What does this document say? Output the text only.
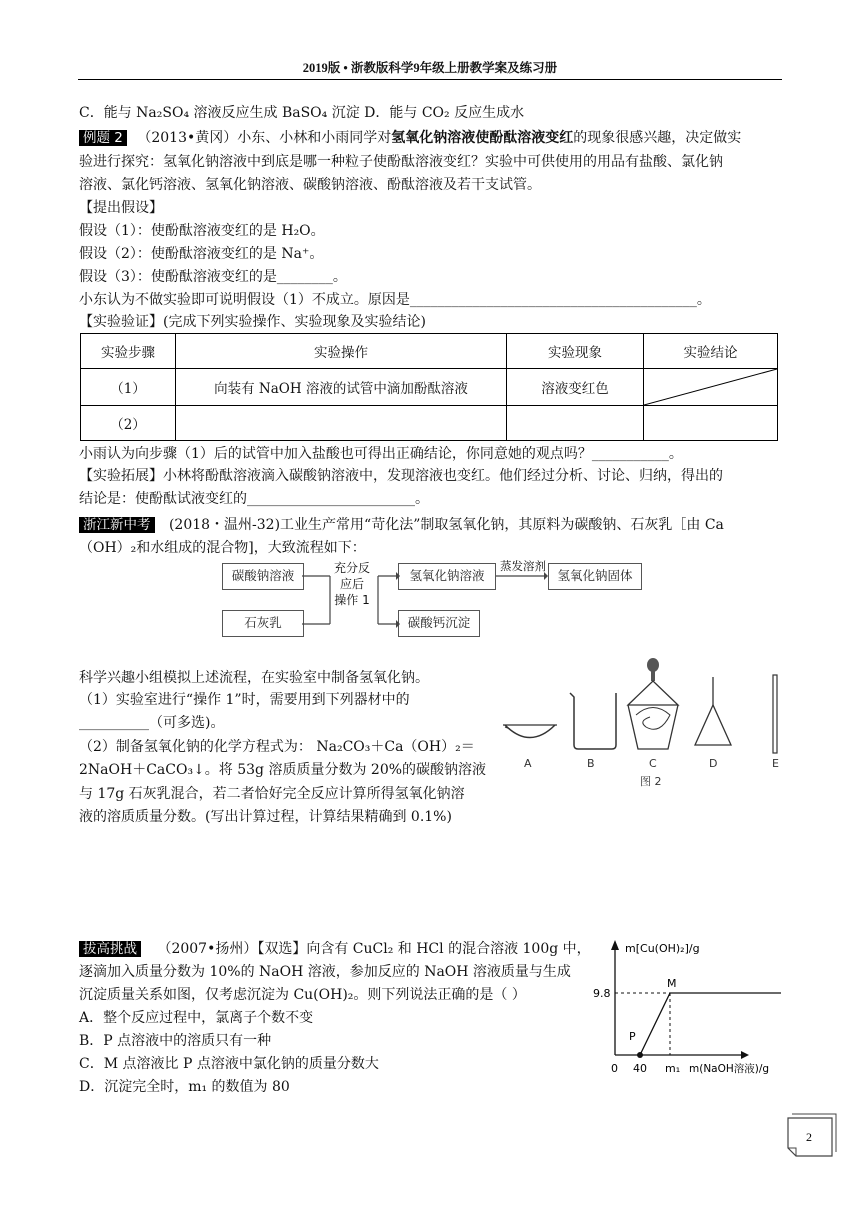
2019版 • 浙教版科学9年级上册教学案及练习册
C．能与 Na₂SO₄ 溶液反应生成 BaSO₄ 沉淀 D．能与 CO₂ 反应生成水
例题 2 （2013•黄冈）小东、小林和小雨同学对氢氧化钠溶液使酚酞溶液变红的现象很感兴趣，决定做实
验进行探究：氢氧化钠溶液中到底是哪一种粒子使酚酞溶液变红？实验中可供使用的用品有盐酸、氯化钠
溶液、氯化钙溶液、氢氧化钠溶液、碳酸钠溶液、酚酞溶液及若干支试管。
【提出假设】
假设（1）：使酚酞溶液变红的是 H₂O。
假设（2）：使酚酞溶液变红的是 Na⁺。
假设（3）：使酚酞溶液变红的是________。
小东认为不做实验即可说明假设（1）不成立。原因是_________________________________________。
【实验验证】(完成下列实验操作、实验现象及实验结论)
实验步骤	实验操作	实验现象	实验结论
（1）	向装有 NaOH 溶液的试管中滴加酚酞溶液	溶液变红色	

（2）			
小雨认为向步骤（1）后的试管中加入盐酸也可得出正确结论，你同意她的观点吗？___________。
【实验拓展】小林将酚酞溶液滴入碳酸钠溶液中，发现溶液也变红。他们经过分析、讨论、归纳，得出的
结论是：使酚酞试液变红的________________________。
浙江新中考 (2018・温州-32)工业生产常用“苛化法”制取氢氧化钠，其原料为碳酸钠、石灰乳［由 Ca
（OH）₂和水组成的混合物]，大致流程如下：
碳酸钠溶液
石灰乳
氢氧化钠溶液	氢氧化钠固体
碳酸钙沉淀
充分反
应后
操作 1
蒸发溶剂
科学兴趣小组模拟上述流程，在实验室中制备氢氧化钠。
（1）实验室进行“操作 1”时，需要用到下列器材中的
__________（可多选)。
（2）制备氢氧化钠的化学方程式为： Na₂CO₃＋Ca（OH）₂＝
2NaOH＋CaCO₃↓。将 53g 溶质质量分数为 20%的碳酸钠溶液
与 17g 石灰乳混合，若二者恰好完全反应计算所得氢氧化钠溶
液的溶质质量分数。(写出计算过程，计算结果精确到 0.1%)
A	B	C	D	E
图 2
拔高挑战 （2007•扬州）【双选】向含有 CuCl₂ 和 HCl 的混合溶液 100g 中，
逐滴加入质量分数为 10%的 NaOH 溶液，参加反应的 NaOH 溶液质量与生成
沉淀质量关系如图，仅考虑沉淀为 Cu(OH)₂。则下列说法正确的是（ ）
A．整个反应过程中，氯离子个数不变
B．P 点溶液中的溶质只有一种
C．M 点溶液比 P 点溶液中氯化钠的质量分数大
D．沉淀完全时，m₁ 的数值为 80
m[Cu(OH)₂]/g
9.8
0 40 m₁ m(NaOH溶液)/g
P
M
2
